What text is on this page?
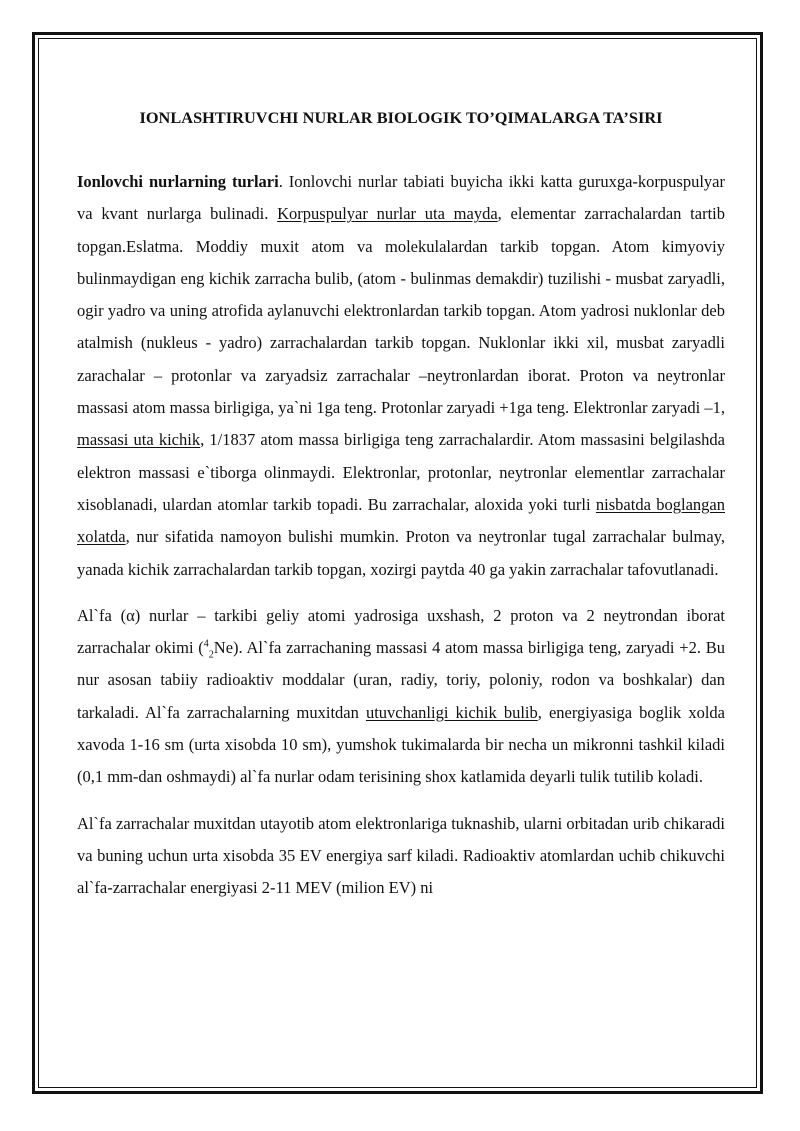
IONLASHTIRUVCHI NURLAR BIOLOGIK TO’QIMALARGA TA’SIRI

Ionlovchi nurlarning turlari. Ionlovchi nurlar tabiati buyicha ikki katta guruxga-korpuspulyar va kvant nurlarga bulinadi. Korpuspulyar nurlar uta mayda, elementar zarrachalardan tartib topgan.Eslatma. Moddiy muxit atom va molekulalardan tarkib topgan. Atom kimyoviy bulinmaydigan eng kichik zarracha bulib, (atom - bulinmas demakdir) tuzilishi - musbat zaryadli, ogir yadro va uning atrofida aylanuvchi elektronlardan tarkib topgan. Atom yadrosi nuklonlar deb atalmish (nukleus - yadro) zarrachalardan tarkib topgan. Nuklonlar ikki xil, musbat zaryadli zarachalar – protonlar va zaryadsiz zarrachalar –neytronlardan iborat. Proton va neytronlar massasi atom massa birligiga, ya`ni 1ga teng. Protonlar zaryadi +1ga teng. Elektronlar zaryadi –1, massasi uta kichik, 1/1837 atom massa birligiga teng zarrachalardir. Atom massasini belgilashda elektron massasi e`tiborga olinmaydi. Elektronlar, protonlar, neytronlar elementlar zarrachalar xisoblanadi, ulardan atomlar tarkib topadi. Bu zarrachalar, aloxida yoki turli nisbatda boglangan xolatda, nur sifatida namoyon bulishi mumkin. Proton va neytronlar tugal zarrachalar bulmay, yanada kichik zarrachalardan tarkib topgan, xozirgi paytda 40 ga yakin zarrachalar tafovutlanadi.

Al`fa (α) nurlar – tarkibi geliy atomi yadrosiga uxshash, 2 proton va 2 neytrondan iborat zarrachalar okimi ($^4_2$Ne). Al`fa zarrachaning massasi 4 atom massa birligiga teng, zaryadi +2. Bu nur asosan tabiiy radioaktiv moddalar (uran, radiy, toriy, poloniy, rodon va boshkalar) dan tarkaladi. Al`fa zarrachalarning muxitdan utuvchanligi kichik bulib, energiyasiga boglik xolda xavoda 1-16 sm (urta xisobda 10 sm), yumshok tukimalarda bir necha un mikronni tashkil kiladi (0,1 mm-dan oshmaydi) al`fa nurlar odam terisining shox katlamida deyarli tulik tutilib koladi.

Al`fa zarrachalar muxitdan utayotib atom elektronlariga tuknashib, ularni orbitadan urib chikaradi va buning uchun urta xisobda 35 EV energiya sarf kiladi. Radioaktiv atomlardan uchib chikuvchi al`fa-zarrachalar energiyasi 2-11 MEV (milion EV) ni
